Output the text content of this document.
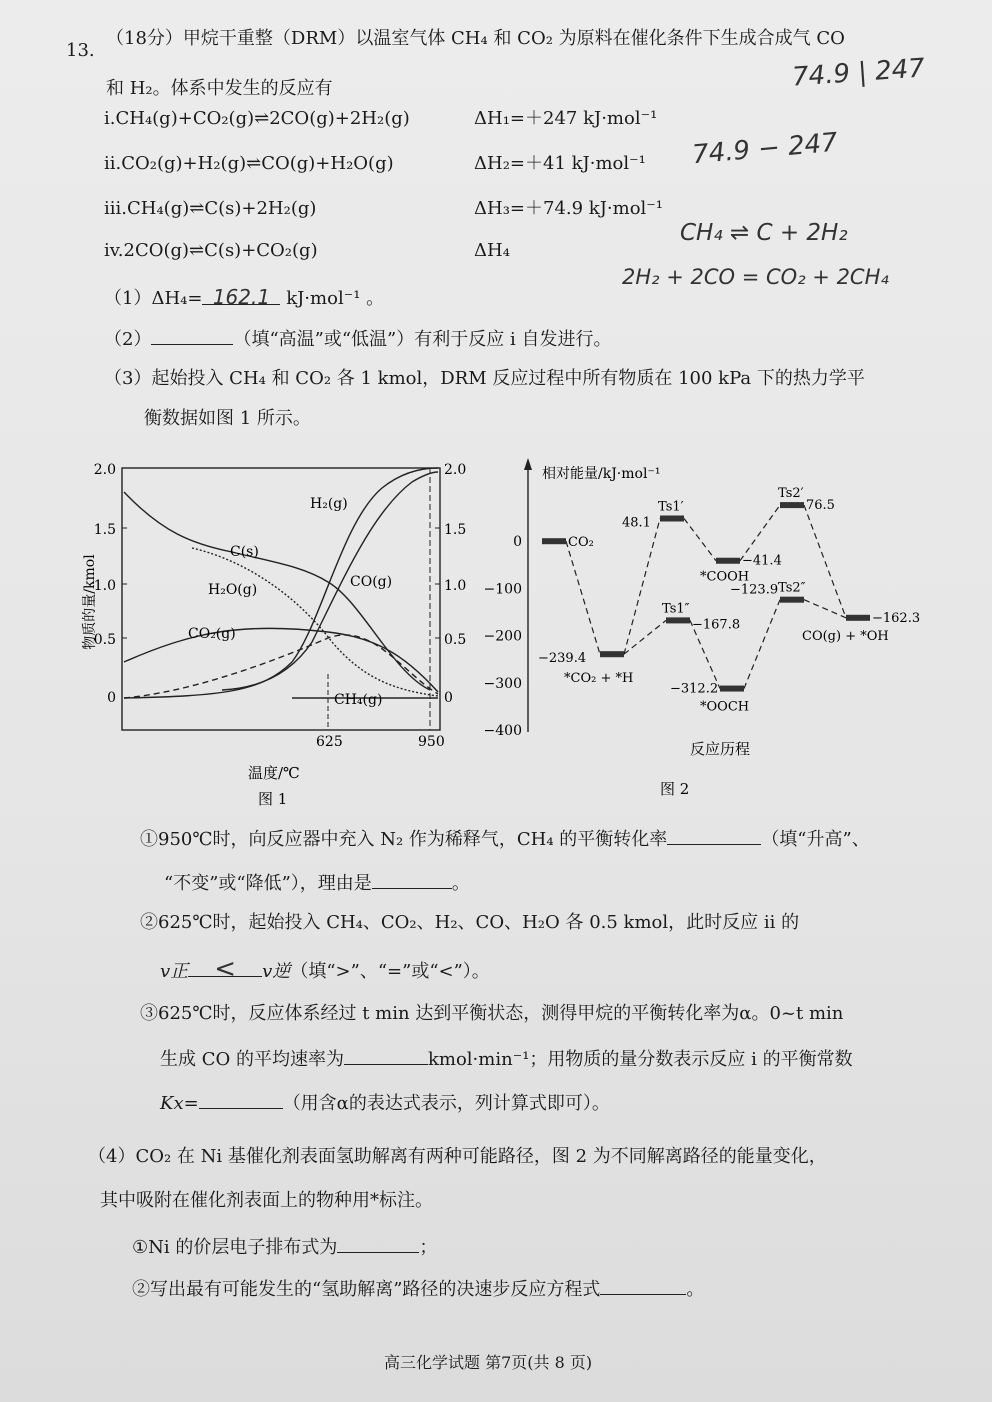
13.
（18分）甲烷干重整（DRM）以温室气体 CH₄ 和 CO₂ 为原料在催化条件下生成合成气 CO
和 H₂。体系中发生的反应有
i.CH₄(g)+CO₂(g)⇌2CO(g)+2H₂(g)	ΔH₁=＋247 kJ·mol⁻¹
ii.CO₂(g)+H₂(g)⇌CO(g)+H₂O(g)	ΔH₂=＋41 kJ·mol⁻¹
iii.CH₄(g)⇌C(s)+2H₂(g)	ΔH₃=＋74.9 kJ·mol⁻¹
iv.2CO(g)⇌C(s)+CO₂(g)	ΔH₄
74.9 | 247
74.9 − 247
CH₄ ⇌ C + 2H₂
2H₂ + 2CO = CO₂ + 2CH₄
（1）ΔH₄= 162.1 kJ·mol⁻¹ 。
（2）	（填“高温”或“低温”）有利于反应 i 自发进行。
（3）起始投入 CH₄ 和 CO₂ 各 1 kmol，DRM 反应过程中所有物质在 100 kPa 下的热力学平
衡数据如图 1 所示。
2.0
1.5
1.0
0.5
0
2.0
1.5
1.0
0.5
0
625	950
物质的量/kmol
温度/℃
图 1
H₂(g)
C(s)
H₂O(g)	CO(g)
CO₂(g)
CH₄(g)
相对能量/kJ·mol⁻¹
0
−100
−200
−300
−400
CO₂
*CO₂ + *H
Ts1′
Ts1″
*COOH
*OOCH
Ts2′
Ts2″
CO(g) + *OH
−239.4
48.1
−167.8
−41.4
−312.2
76.5
−123.9
−162.3
反应历程
图 2
①950℃时，向反应器中充入 N₂ 作为稀释气，CH₄ 的平衡转化率	（填“升高”、
“不变”或“降低”），理由是	。
②625℃时，起始投入 CH₄、CO₂、H₂、CO、H₂O 各 0.5 kmol，此时反应 ii 的
v正 < v逆（填“>”、“=”或“<”）。
③625℃时，反应体系经过 t min 达到平衡状态，测得甲烷的平衡转化率为α。0~t min
生成 CO 的平均速率为	kmol·min⁻¹；用物质的量分数表示反应 i 的平衡常数
Kx=	（用含α的表达式表示，列计算式即可）。
（4）CO₂ 在 Ni 基催化剂表面氢助解离有两种可能路径，图 2 为不同解离路径的能量变化，
其中吸附在催化剂表面上的物种用*标注。
①Ni 的价层电子排布式为	；
②写出最有可能发生的“氢助解离”路径的决速步反应方程式	。
高三化学试题 第7页(共 8 页)
